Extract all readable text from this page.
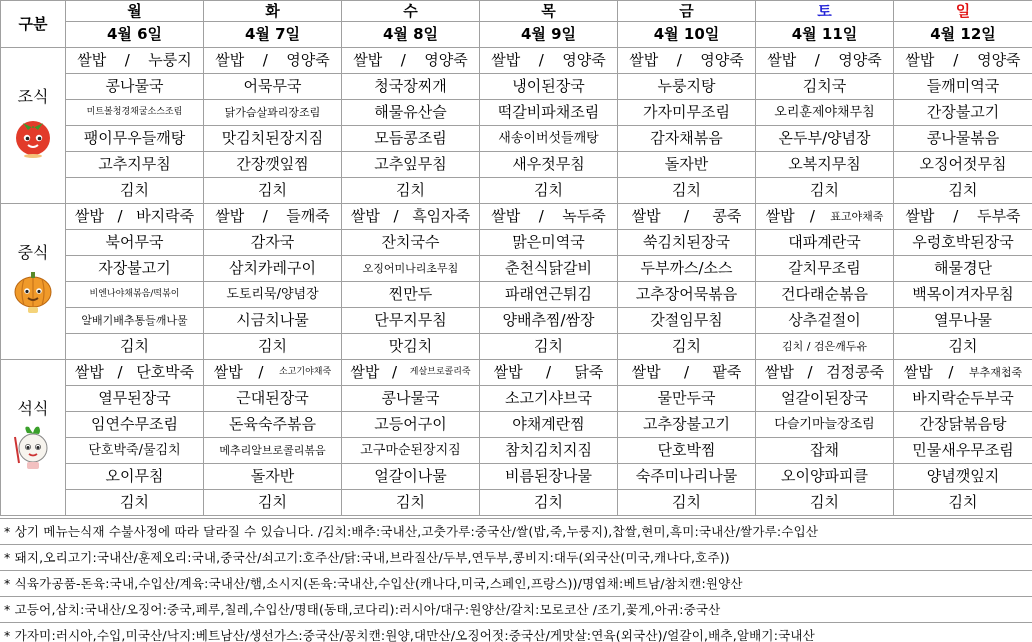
구분	월	화	수	목	금	토	일
	4월 6일	4월 7일	4월 8일	4월 9일	4월 10일	4월 11일	4월 12일

조식	쌀밥 / 누룽지	쌀밥 / 영양죽	쌀밥 / 영양죽	쌀밥 / 영양죽	쌀밥 / 영양죽	쌀밥 / 영양죽	쌀밥 / 영양죽

	콩나물국	어묵무국	청국장찌개	냉이된장국	누룽지탕	김치국	들깨미역국
	미트볼청경채굴소스조림	닭가슴살꽈리장조림	해물유산슬	떡갈비파채조림	가자미무조림	오리훈제야채무침	간장불고기
	팽이무우들깨탕	맛김치된장지짐	모듬콩조림	새송이버섯들깨탕	감자채볶음	온두부/양념장	콩나물볶음
	고추지무침	간장깻잎찜	고추잎무침	새우젓무침	돌자반	오복지무침	오징어젓무침
	김치	김치	김치	김치	김치	김치	김치

중식	쌀밥 / 바지락죽	쌀밥 / 들깨죽	쌀밥 / 흑임자죽	쌀밥 / 녹두죽	쌀밥 / 콩죽	쌀밥 / 표고야채죽	쌀밥 / 두부죽

	북어무국	감자국	잔치국수	맑은미역국	쑥김치된장국	대파계란국	우렁호박된장국
	자장불고기	삼치카레구이	오징어미나리초무침	춘천식닭갈비	두부까스/소스	갈치무조림	해물경단
	비엔나야채볶음/떡볶이	도토리묵/양념장	찐만두	파래연근튀김	고추장어묵볶음	건다래순볶음	백목이겨자무침
	알배기배추통들깨나물	시금치나물	단무지무침	양배추찜/쌈장	갓절임무침	상추겉절이	열무나물
	김치	김치	맛김치	김치	김치	김치 / 검은깨두유	김치

석식	쌀밥 / 단호박죽	쌀밥 / 소고기야채죽	쌀밥 / 게살브로콜리죽	쌀밥 / 닭죽	쌀밥 / 팥죽	쌀밥 / 검정콩죽	쌀밥 / 부추재첩죽

	열무된장국	근대된장국	콩나물국	소고기샤브국	물만두국	얼갈이된장국	바지락순두부국
	임연수무조림	돈육숙주볶음	고등어구이	야채계란찜	고추장불고기	다슬기마늘장조림	간장닭볶음탕
	단호박죽/물김치	메추리알브로콜리볶음	고구마순된장지짐	참치김치지짐	단호박찜	잡채	민물새우무조림
	오이무침	돌자반	얼갈이나물	비름된장나물	숙주미나리나물	오이양파피클	양념깻잎지
	김치	김치	김치	김치	김치	김치	김치
* 상기 메뉴는식재 수불사정에 따라 달라질 수 있습니다. /김치:배추:국내산,고춧가루:중국산/쌀(밥,죽,누룽지),찹쌀,현미,흑미:국내산/쌀가루:수입산
* 돼지,오리고기:국내산/훈제오리:국내,중국산/쇠고기:호주산/닭:국내,브라질산/두부,연두부,콩비지:대두(외국산(미국,캐나다,호주))
* 식육가공품-돈육:국내,수입산/계육:국내산/햄,소시지(돈육:국내산,수입산(캐나다,미국,스페인,프랑스))/명엽채:베트남/참치캔:원양산
* 고등어,삼치:국내산/오징어:중국,페루,칠레,수입산/명태(동태,코다리):러시아/대구:원양산/갈치:모로코산 /조기,꽃게,아귀:중국산
* 가자미:러시아,수입,미국산/낙지:베트남산/생선가스:중국산/꽁치캔:원양,대만산/오징어젓:중국산/게맛살:연육(외국산)/얼갈이,배추,알배기:국내산
